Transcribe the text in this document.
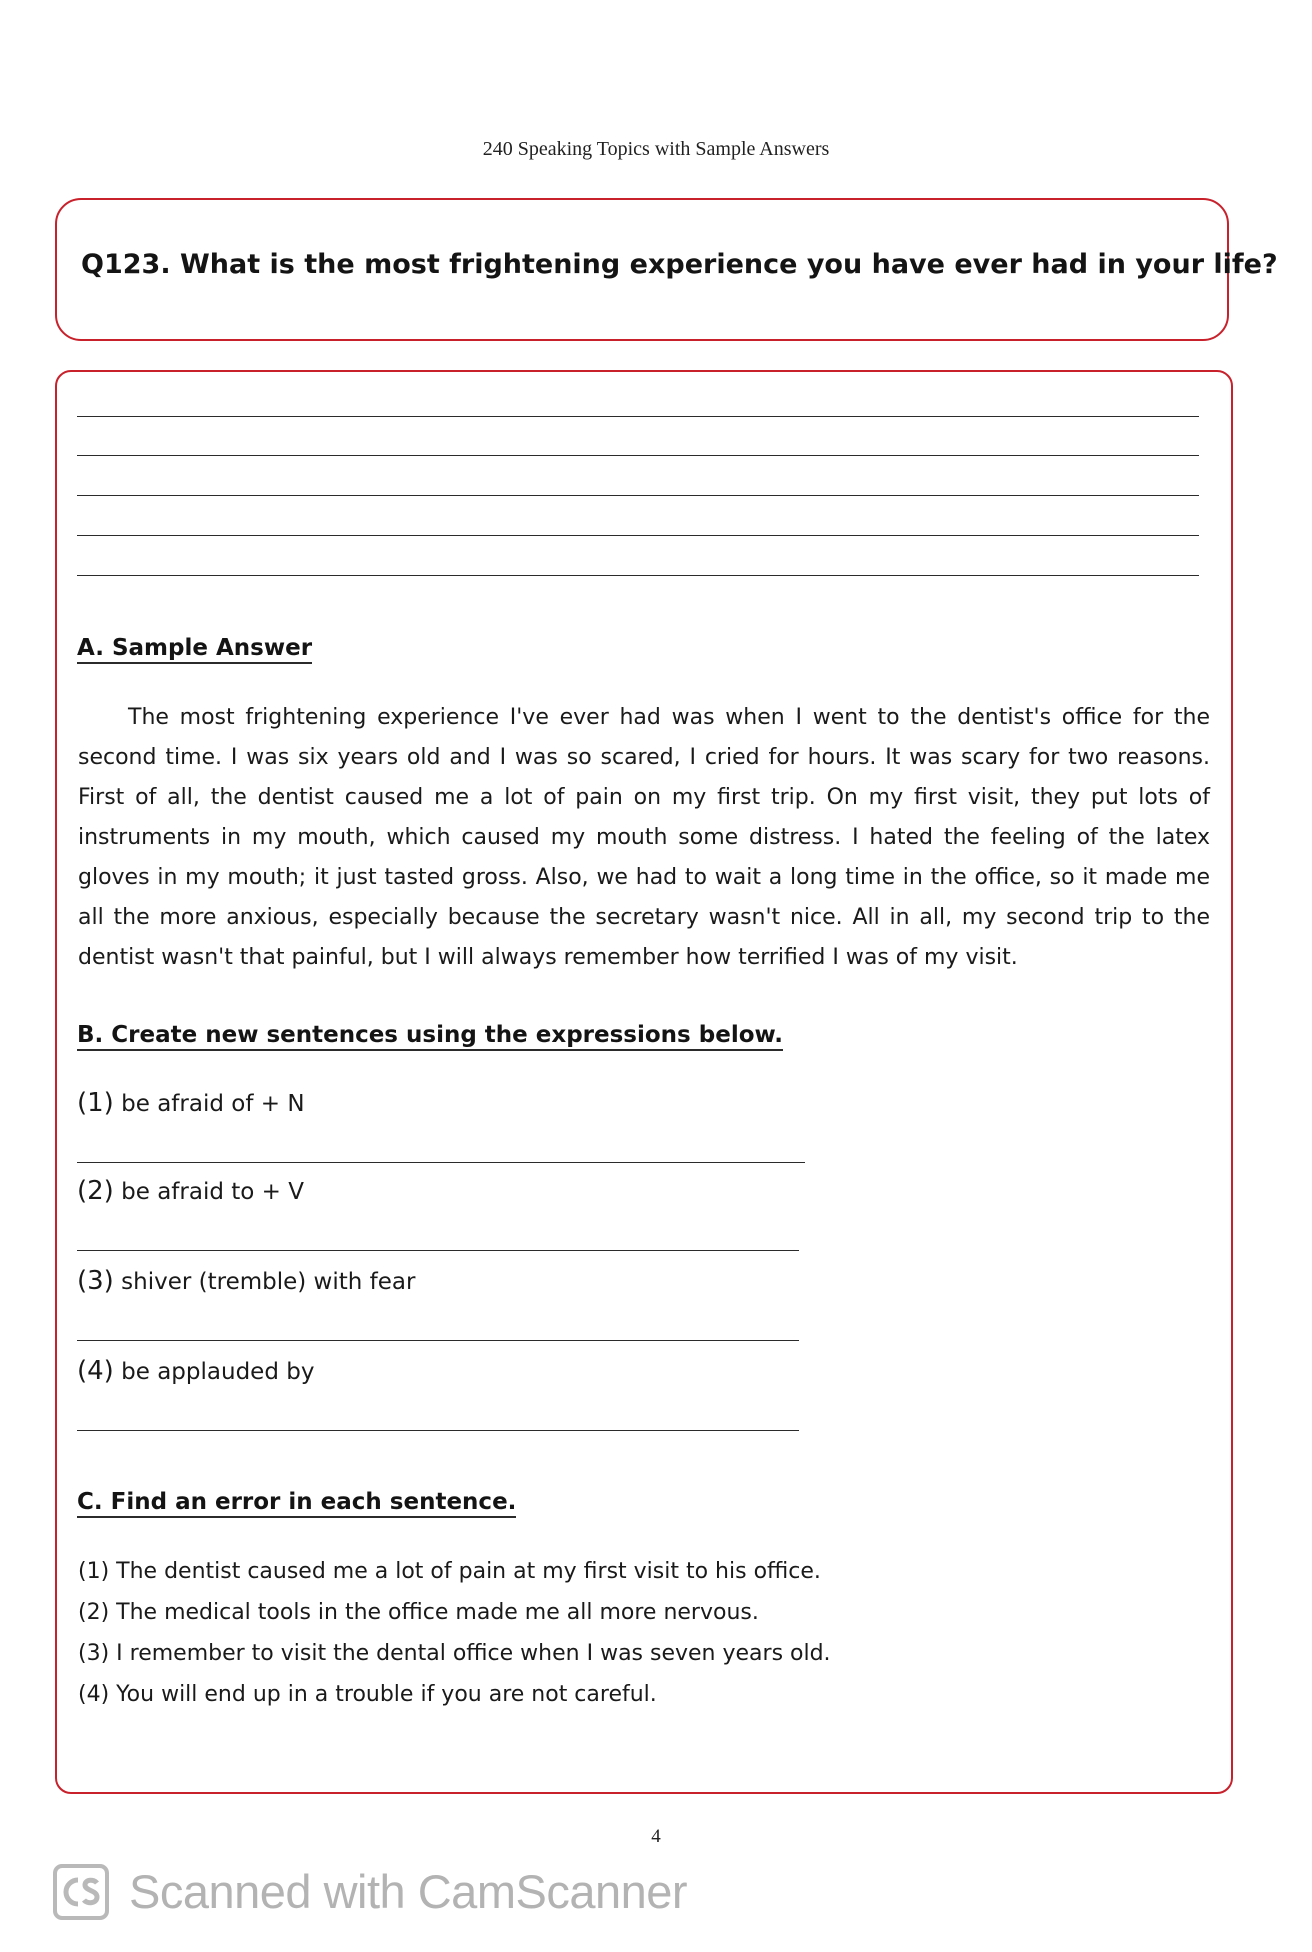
240 Speaking Topics with Sample Answers
Q123. What is the most frightening experience you have ever had in your life?
A. Sample Answer

The most frightening experience I've ever had was when I went to the dentist's office for the second time. I was six years old and I was so scared, I cried for hours. It was scary for two reasons. First of all, the dentist caused me a lot of pain on my first trip. On my first visit, they put lots of instruments in my mouth, which caused my mouth some distress. I hated the feeling of the latex gloves in my mouth; it just tasted gross. Also, we had to wait a long time in the office, so it made me all the more anxious, especially because the secretary wasn't nice. All in all, my second trip to the dentist wasn't that painful, but I will always remember how terrified I was of my visit.

B. Create new sentences using the expressions below.
(1) be afraid of + N
(2) be afraid to + V
(3) shiver (tremble) with fear
(4) be applauded by
C. Find an error in each sentence.
(1) The dentist caused me a lot of pain at my first visit to his office.
(2) The medical tools in the office made me all more nervous.
(3) I remember to visit the dental office when I was seven years old.
(4) You will end up in a trouble if you are not careful.
4
Scanned with CamScanner
